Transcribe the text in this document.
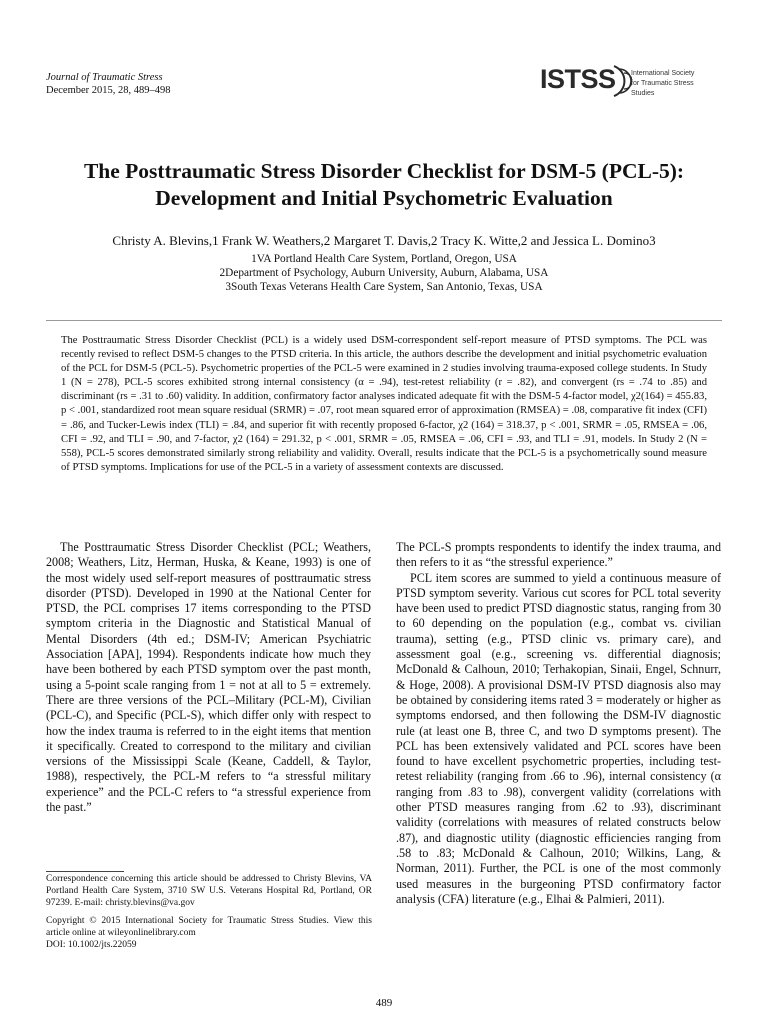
Journal of Traumatic Stress
December 2015, 28, 489–498	ISTSS International Society
for Traumatic Stress Studies
The Posttraumatic Stress Disorder Checklist for DSM-5 (PCL-5):
Development and Initial Psychometric Evaluation
Christy A. Blevins,1 Frank W. Weathers,2 Margaret T. Davis,2 Tracy K. Witte,2 and Jessica L. Domino3
1VA Portland Health Care System, Portland, Oregon, USA
2Department of Psychology, Auburn University, Auburn, Alabama, USA
3South Texas Veterans Health Care System, San Antonio, Texas, USA
The Posttraumatic Stress Disorder Checklist (PCL) is a widely used DSM-correspondent self-report measure of PTSD symptoms. The PCL was recently revised to reflect DSM-5 changes to the PTSD criteria. In this article, the authors describe the development and initial psychometric evaluation of the PCL for DSM-5 (PCL-5). Psychometric properties of the PCL-5 were examined in 2 studies involving trauma-exposed college students. In Study 1 (N = 278), PCL-5 scores exhibited strong internal consistency (α = .94), test-retest reliability (r = .82), and convergent (rs = .74 to .85) and discriminant (rs = .31 to .60) validity. In addition, confirmatory factor analyses indicated adequate fit with the DSM-5 4-factor model, χ2(164) = 455.83, p < .001, standardized root mean square residual (SRMR) = .07, root mean squared error of approximation (RMSEA) = .08, comparative fit index (CFI) = .86, and Tucker-Lewis index (TLI) = .84, and superior fit with recently proposed 6-factor, χ2 (164) = 318.37, p < .001, SRMR = .05, RMSEA = .06, CFI = .92, and TLI = .90, and 7-factor, χ2 (164) = 291.32, p < .001, SRMR = .05, RMSEA = .06, CFI = .93, and TLI = .91, models. In Study 2 (N = 558), PCL-5 scores demonstrated similarly strong reliability and validity. Overall, results indicate that the PCL-5 is a psychometrically sound measure of PTSD symptoms. Implications for use of the PCL-5 in a variety of assessment contexts are discussed.

The Posttraumatic Stress Disorder Checklist (PCL; Weathers, 2008; Weathers, Litz, Herman, Huska, & Keane, 1993) is one of the most widely used self-report measures of posttraumatic stress disorder (PTSD). Developed in 1990 at the National Center for PTSD, the PCL comprises 17 items corresponding to the PTSD symptom criteria in the Diagnostic and Statistical Manual of Mental Disorders (4th ed.; DSM-IV; American Psychiatric Association [APA], 1994). Respondents indicate how much they have been bothered by each PTSD symptom over the past month, using a 5-point scale ranging from 1 = not at all to 5 = extremely. There are three versions of the PCL–Military (PCL-M), Civilian (PCL-C), and Specific (PCL-S), which differ only with respect to how the index trauma is referred to in the eight items that mention it specifically. Created to correspond to the military and civilian versions of the Mississippi Scale (Keane, Caddell, & Taylor, 1988), respectively, the PCL-M refers to “a stressful military experience” and the PCL-C refers to “a stressful experience from the past.”

The PCL-S prompts respondents to identify the index trauma, and then refers to it as “the stressful experience.”

PCL item scores are summed to yield a continuous measure of PTSD symptom severity. Various cut scores for PCL total severity have been used to predict PTSD diagnostic status, ranging from 30 to 60 depending on the population (e.g., combat vs. civilian trauma), setting (e.g., PTSD clinic vs. primary care), and assessment goal (e.g., screening vs. differential diagnosis; McDonald & Calhoun, 2010; Terhakopian, Sinaii, Engel, Schnurr, & Hoge, 2008). A provisional DSM-IV PTSD diagnosis also may be obtained by considering items rated 3 = moderately or higher as symptoms endorsed, and then following the DSM-IV diagnostic rule (at least one B, three C, and two D symptoms present). The PCL has been extensively validated and PCL scores have been found to have excellent psychometric properties, including test-retest reliability (ranging from .66 to .96), internal consistency (α ranging from .83 to .98), convergent validity (correlations with other PTSD measures ranging from .62 to .93), discriminant validity (correlations with measures of related constructs below .87), and diagnostic utility (diagnostic efficiencies ranging from .58 to .83; McDonald & Calhoun, 2010; Wilkins, Lang, & Norman, 2011). Further, the PCL is one of the most commonly used measures in the burgeoning PTSD confirmatory factor analysis (CFA) literature (e.g., Elhai & Palmieri, 2011).

Correspondence concerning this article should be addressed to Christy Blevins, VA Portland Health Care System, 3710 SW U.S. Veterans Hospital Rd, Portland, OR 97239. E-mail: christy.blevins@va.gov

Copyright © 2015 International Society for Traumatic Stress Studies. View this article online at wileyonlinelibrary.com

DOI: 10.1002/jts.22059

489
